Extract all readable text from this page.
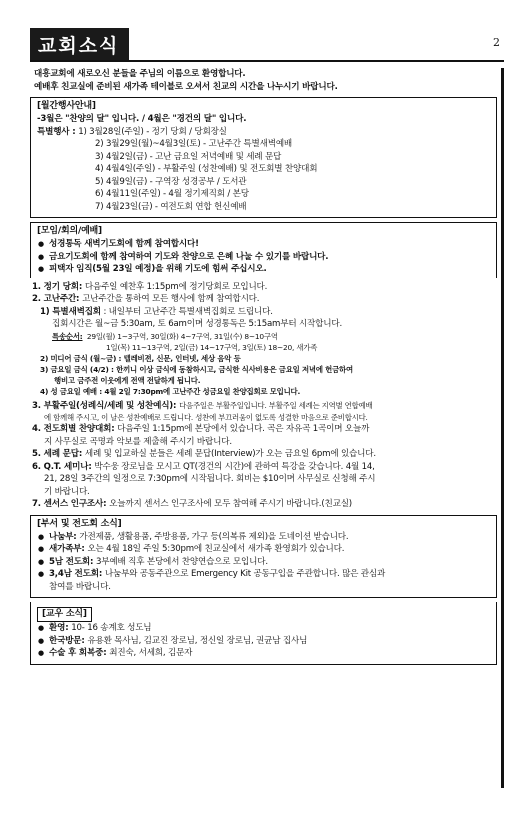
교회소식	2
대흥교회에 새로오신 분들을 주님의 이름으로 환영합니다.
예배후 친교실에 준비된 새가족 테이블로 오셔서 친교의 시간을 나누시기 바랍니다.
[월간행사안내]
-3월은 "찬양의 달" 입니다. / 4월은 "경건의 달" 입니다.
특별행사 : 1) 3월28일(주일) - 정기 당회 / 당회장실
2) 3월29일(월)~4월3일(토) - 고난주간 특별새벽예배
3) 4월2일(금) - 고난 금요일 저녁예배 및 세례 문답
4) 4월4일(주일) - 부활주일 (성찬예배) 및 전도회별 찬양대회
5) 4월9일(금) - 구역장 성경공부 / 도서관
6) 4월11일(주일) - 4월 정기제직회 / 본당
7) 4월23일(금) - 여전도회 연합 헌신예배
[모임/회의/예배]
● 성경통독 새벽기도회에 함께 참여합시다!
● 금요기도회에 함께 참여하여 기도와 찬양으로 은혜 나눌 수 있기를 바랍니다.
● 피택자 임직(5월 23일 예정)을 위해 기도에 힘써 주십시오.
1. 정기 당회: 다음주일 예찬후 1:15pm에 정기당회로 모입니다.
2. 고난주간: 고난주간을 통하여 모든 행사에 함께 참여합시다.
1) 특별새벽집회 : 내일부터 고난주간 특별새벽집회로 드립니다.
집회시간은 월~금 5:30am, 토 6am이며 성경통독은 5:15am부터 시작합니다.
특송순서: 29일(월) 1~3구역, 30일(화) 4~7구역, 31일(수) 8~10구역
1일(목) 11~13구역, 2일(금) 14~17구역, 3일(토) 18~20, 새가족
2) 미디어 금식 (월~금) : 텔레비젼, 신문, 인터넷, 세상 음악 등
3) 금요일 금식 (4/2) : 한끼니 이상 금식에 동참하시고, 금식한 식사비용은 금요일 저녁에 헌금하여
행비고 금주전 이웃에게 전액 전달하게 됩니다.
4) 성 금요일 예배 : 4월 2일 7:30pm에 고난주간 성금요일 찬양집회로 모입니다.
3. 부활주일(성례식/세례 및 성찬예식): 다음주일은 부활주일입니다. 부활주일 세례는 지역별 연합예배
에 함께해 주시고, 이 날은 성찬예배로 드립니다. 성찬에 부끄러움이 없도록 성결한 마음으로 준비합시다.
4. 전도회별 찬양대회: 다음주일 1:15pm에 본당에서 있습니다. 곡은 자유곡 1곡이며 오늘까
지 사무실로 곡명과 악보를 제출해 주시기 바랍니다.
5. 세례 문답: 세례 및 입교하실 분들은 세례 문답(Interview)가 오는 금요일 6pm에 있습니다.
6. Q.T. 세미나: 박수웅 장로님을 모시고 QT(경건의 시간)에 관하여 특강을 갖습니다. 4월 14,
21, 28일 3주간의 일정으로 7:30pm에 시작됩니다. 회비는 $10이며 사무실로 신청해 주시
기 바랍니다.
7. 센서스 인구조사: 오늘까지 센서스 인구조사에 모두 참여해 주시기 바랍니다.(친교실)
[부서 및 전도회 소식]
● 나눔부: 가전제품, 생활용품, 주방용품, 가구 등(의복류 제외)을 도네이션 받습니다.
● 새가족부: 오는 4월 18일 주일 5:30pm에 친교실에서 새가족 환영회가 있습니다.
● 5남 전도회: 3부예배 직후 본당에서 찬양연습으로 모입니다.
● 3,4남 전도회: 나눔부와 공동주관으로 Emergency Kit 공동구입을 주관합니다. 많은 관심과
참여를 바랍니다.
[교우 소식]
● 환영: 10- 16 송계호 성도님
● 한국방문: 유용환 목사님, 김교진 장로님, 정신일 장로님, 권균남 집사님
● 수술 후 회복중: 최진숙, 서세희, 김문자
